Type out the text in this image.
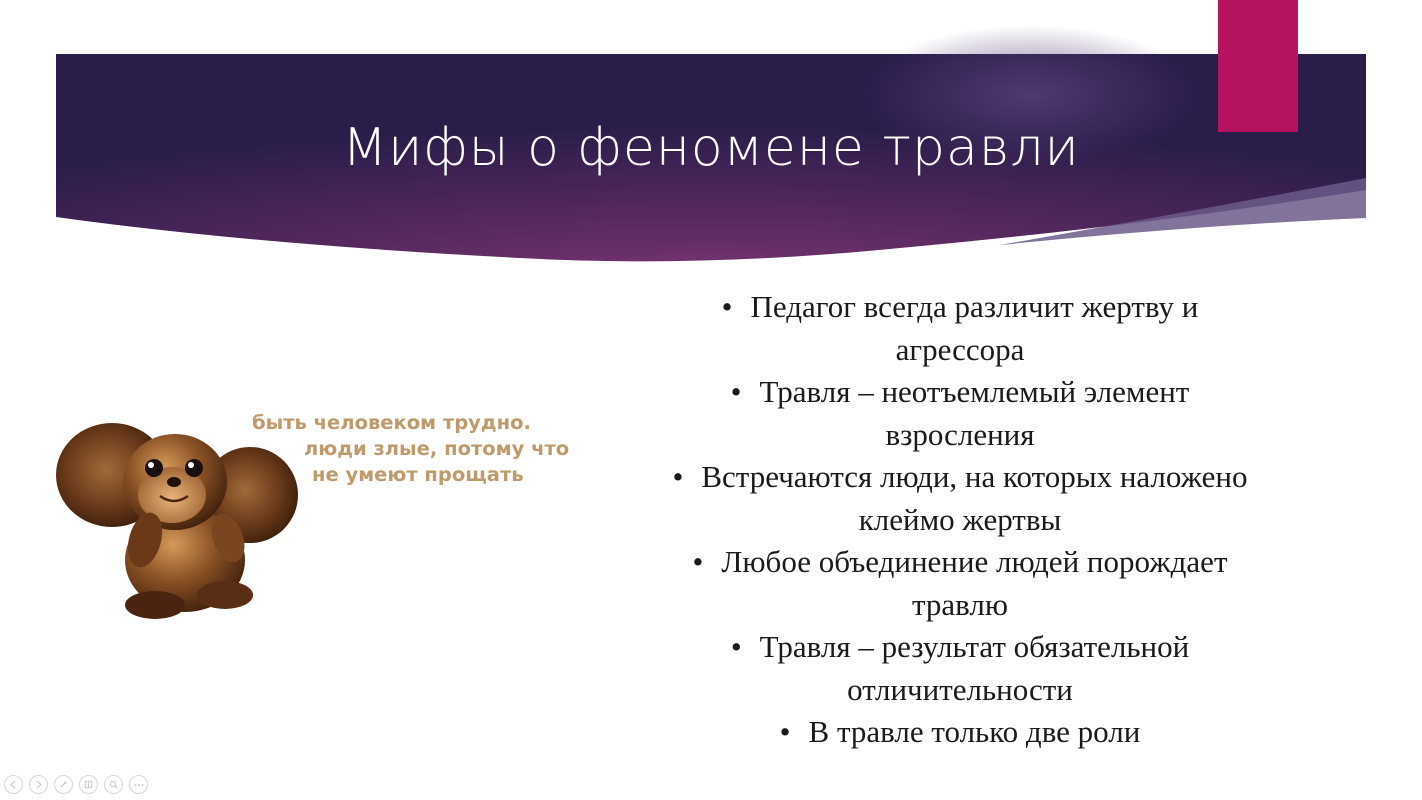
Мифы о феномене травли
быть человеком трудно.
люди злые, потому что
не умеют прощать
• Педагог всегда различит жертву и
агрессора
• Травля – неотъемлемый элемент
взросления
• Встречаются люди, на которых наложено
клеймо жертвы
• Любое объединение людей порождает
травлю
• Травля – результат обязательной
отличительности
• В травле только две роли
